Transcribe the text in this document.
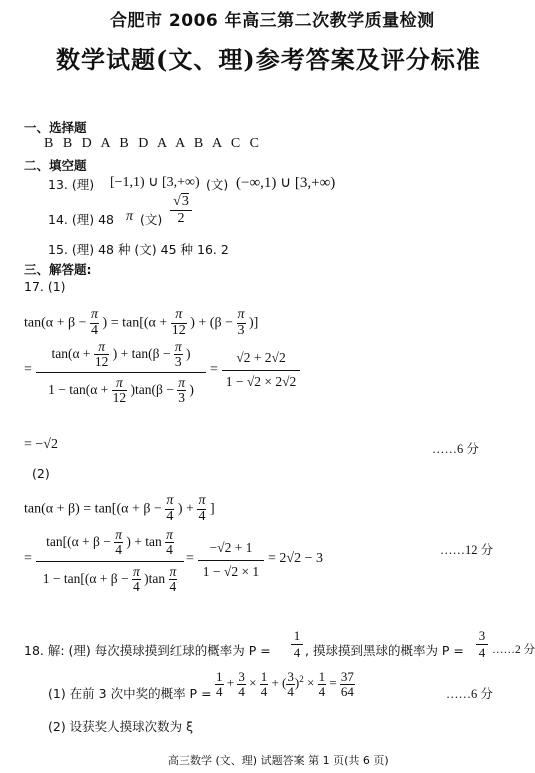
合肥市 2006 年高三第二次教学质量检测
数学试题(文、理)参考答案及评分标准
一、选择题
B B D A B D A A B A C C
二、填空题
13. (理) [−1,1) ∪ [3,+∞) (文) (−∞,1) ∪ [3,+∞)
14. (理) 48 π (文)
√3
2
15. (理) 48 种 (文) 45 种 16. 2
三、解答题:
17. (1)
$\tan(\alpha + \beta - \frac{\pi}{4}$ ) = $\tan[(\alpha + \frac{\pi}{12}$ ) + ($\beta - \frac{\pi}{3}$ )]
=
$\tan(\alpha + \frac{\pi}{12}$ ) + $\tan(\beta - \frac{\pi}{3}$ )
$1 - \tan(\alpha + \frac{\pi}{12} )\tan(\beta - \frac{\pi}{3}$ )
=
√2 + 2√2
1 − √2 × 2√2
= −√2	……6 分
(2)
$\tan(\alpha + \beta) = \tan[(\alpha + \beta - \frac{\pi}{4}$ ) + $\frac{\pi}{4}$ ]
=
$\tan[(\alpha + \beta - \frac{\pi}{4}$ ) + $\tan \frac{\pi}{4}$
$1 - \tan[(\alpha + \beta - \frac{\pi}{4} )\tan \frac{\pi}{4}$
=
−√2 + 1
1 − √2 × 1
= 2√2 − 3
……12 分
18. 解: (理) 每次摸球摸到红球的概率为 P =
1
4 , 摸球摸到黑球的概率为 P =
3
4 ……2 分
(1) 在前 3 次中奖的概率 $P = \frac{1}{4} + \frac{3}{4} \times \frac{1}{4}$ + ( $\frac{3}{4} )^2 \times \frac{1}{4} = \frac{37}{64}$	……6 分
(2) 设获奖人摸球次数为 ξ
高三数学 (文、理) 试题答案 第 1 页(共 6 页)
